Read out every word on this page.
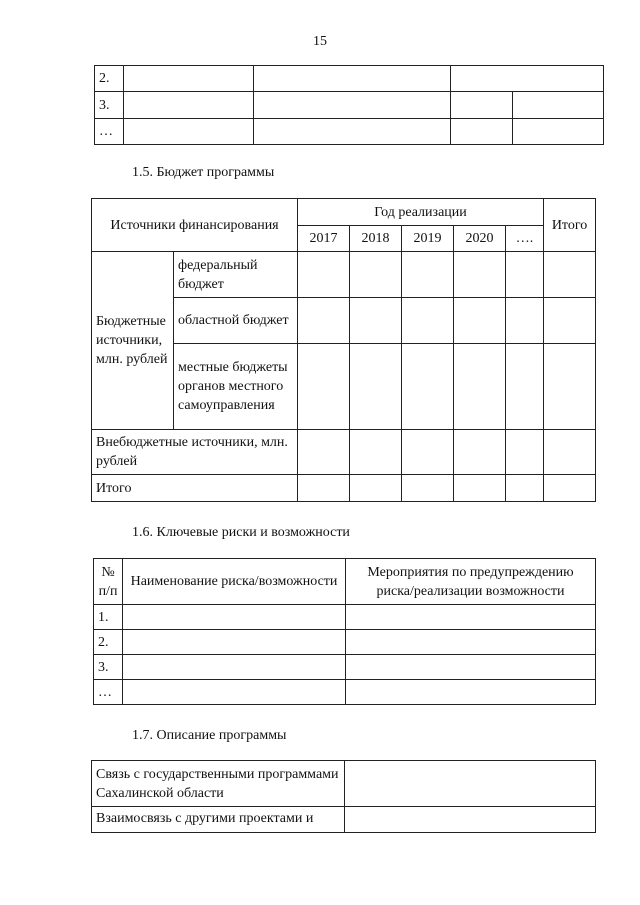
15
2.				
3.				
…				
1.5. Бюджет программы
Источники финансирования		Год реализации					Итого
		2017	2018	2019	2020	….	
Бюджетные источники, млн. рублей	федеральный бюджет						
	областной бюджет						
	местные бюджеты органов местного самоуправления						
Внебюджетные источники, млн. рублей							
Итого							
1.6. Ключевые риски и возможности
№ п/п	Наименование риска/возможности	Мероприятия по предупреждению риска/реализации возможности
1.		
2.		
3.		
…		
1.7. Описание программы
Связь с государственными программами Сахалинской области	
Взаимосвязь с другими проектами и	
